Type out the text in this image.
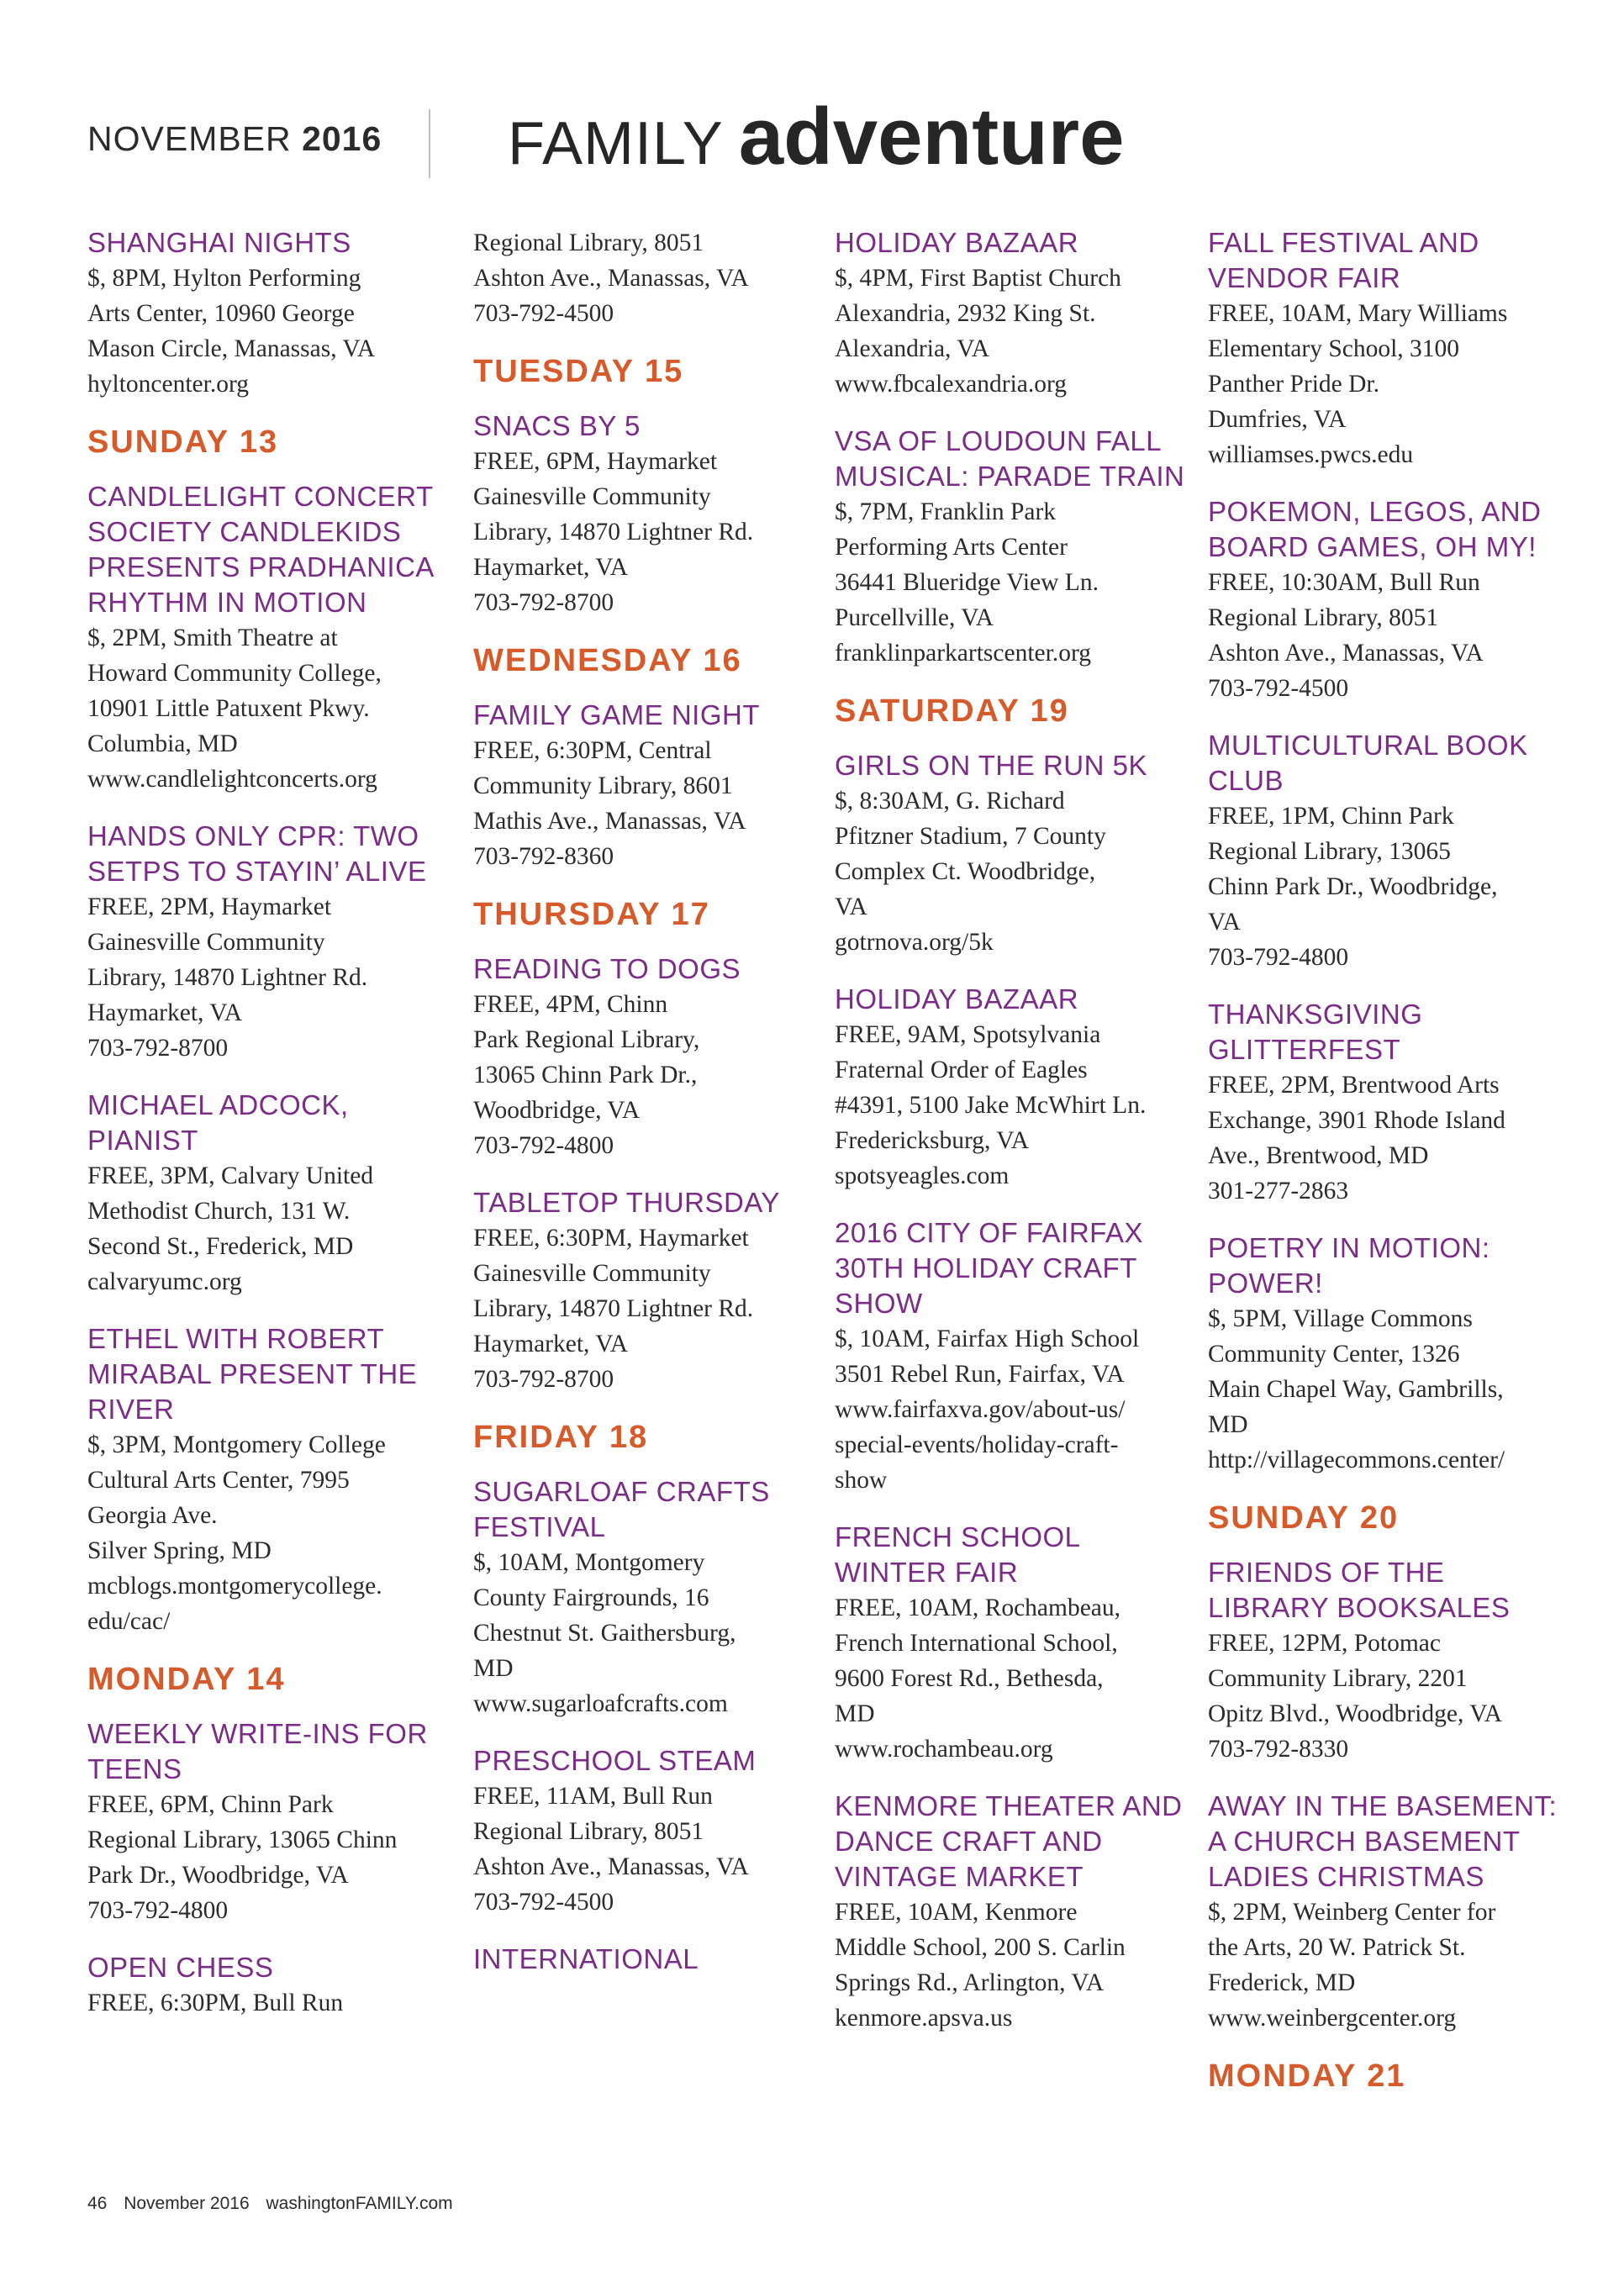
NOVEMBER 2016 FAMILY adventure
SHANGHAI NIGHTS
$, 8PM, Hylton Performing
Arts Center, 10960 George
Mason Circle, Manassas, VA
hyltoncenter.org
SUNDAY 13
CANDLELIGHT CONCERT SOCIETY CANDLEKIDS PRESENTS PRADHANICA RHYTHM IN MOTION
$, 2PM, Smith Theatre at
Howard Community College,
10901 Little Patuxent Pkwy.
Columbia, MD
www.candlelightconcerts.org
HANDS ONLY CPR: TWO SETPS TO STAYIN’ ALIVE
FREE, 2PM, Haymarket
Gainesville Community
Library, 14870 Lightner Rd.
Haymarket, VA
703-792-8700
MICHAEL ADCOCK, PIANIST
FREE, 3PM, Calvary United
Methodist Church, 131 W.
Second St., Frederick, MD
calvaryumc.org
ETHEL WITH ROBERT MIRABAL PRESENT THE RIVER
$, 3PM, Montgomery College
Cultural Arts Center, 7995
Georgia Ave.
Silver Spring, MD
mcblogs.montgomerycollege.
edu/cac/
MONDAY 14
WEEKLY WRITE-INS FOR TEENS
FREE, 6PM, Chinn Park
Regional Library, 13065 Chinn
Park Dr., Woodbridge, VA
703-792-4800
OPEN CHESS
FREE, 6:30PM, Bull Run
Regional Library, 8051
Ashton Ave., Manassas, VA
703-792-4500
TUESDAY 15
SNACS BY 5
FREE, 6PM, Haymarket
Gainesville Community
Library, 14870 Lightner Rd.
Haymarket, VA
703-792-8700
WEDNESDAY 16
FAMILY GAME NIGHT
FREE, 6:30PM, Central
Community Library, 8601
Mathis Ave., Manassas, VA
703-792-8360
THURSDAY 17
READING TO DOGS
FREE, 4PM, Chinn
Park Regional Library,
13065 Chinn Park Dr.,
Woodbridge, VA
703-792-4800
TABLETOP THURSDAY
FREE, 6:30PM, Haymarket
Gainesville Community
Library, 14870 Lightner Rd.
Haymarket, VA
703-792-8700
FRIDAY 18
SUGARLOAF CRAFTS FESTIVAL
$, 10AM, Montgomery
County Fairgrounds, 16
Chestnut St. Gaithersburg,
MD
www.sugarloafcrafts.com
PRESCHOOL STEAM
FREE, 11AM, Bull Run
Regional Library, 8051
Ashton Ave., Manassas, VA
703-792-4500
INTERNATIONAL
HOLIDAY BAZAAR
$, 4PM, First Baptist Church
Alexandria, 2932 King St.
Alexandria, VA
www.fbcalexandria.org
VSA OF LOUDOUN FALL MUSICAL: PARADE TRAIN
$, 7PM, Franklin Park
Performing Arts Center
36441 Blueridge View Ln.
Purcellville, VA
franklinparkartscenter.org
SATURDAY 19
GIRLS ON THE RUN 5K
$, 8:30AM, G. Richard
Pfitzner Stadium, 7 County
Complex Ct. Woodbridge,
VA
gotrnova.org/5k
HOLIDAY BAZAAR
FREE, 9AM, Spotsylvania
Fraternal Order of Eagles
#4391, 5100 Jake McWhirt Ln.
Fredericksburg, VA
spotsyeagles.com
2016 CITY OF FAIRFAX 30TH HOLIDAY CRAFT SHOW
$, 10AM, Fairfax High School
3501 Rebel Run, Fairfax, VA
www.fairfaxva.gov/about-us/
special-events/holiday-craft-
show
FRENCH SCHOOL WINTER FAIR
FREE, 10AM, Rochambeau,
French International School,
9600 Forest Rd., Bethesda,
MD
www.rochambeau.org
KENMORE THEATER AND DANCE CRAFT AND VINTAGE MARKET
FREE, 10AM, Kenmore
Middle School, 200 S. Carlin
Springs Rd., Arlington, VA
kenmore.apsva.us
FALL FESTIVAL AND VENDOR FAIR
FREE, 10AM, Mary Williams
Elementary School, 3100
Panther Pride Dr.
Dumfries, VA
williamses.pwcs.edu
POKEMON, LEGOS, AND BOARD GAMES, OH MY!
FREE, 10:30AM, Bull Run
Regional Library, 8051
Ashton Ave., Manassas, VA
703-792-4500
MULTICULTURAL BOOK CLUB
FREE, 1PM, Chinn Park
Regional Library, 13065
Chinn Park Dr., Woodbridge,
VA
703-792-4800
THANKSGIVING GLITTERFEST
FREE, 2PM, Brentwood Arts
Exchange, 3901 Rhode Island
Ave., Brentwood, MD
301-277-2863
POETRY IN MOTION: POWER!
$, 5PM, Village Commons
Community Center, 1326
Main Chapel Way, Gambrills,
MD
http://villagecommons.center/
SUNDAY 20
FRIENDS OF THE LIBRARY BOOKSALES
FREE, 12PM, Potomac
Community Library, 2201
Opitz Blvd., Woodbridge, VA
703-792-8330
AWAY IN THE BASEMENT: A CHURCH BASEMENT LADIES CHRISTMAS
$, 2PM, Weinberg Center for
the Arts, 20 W. Patrick St.
Frederick, MD
www.weinbergcenter.org
MONDAY 21
46 November 2016 washingtonFAMILY.com
